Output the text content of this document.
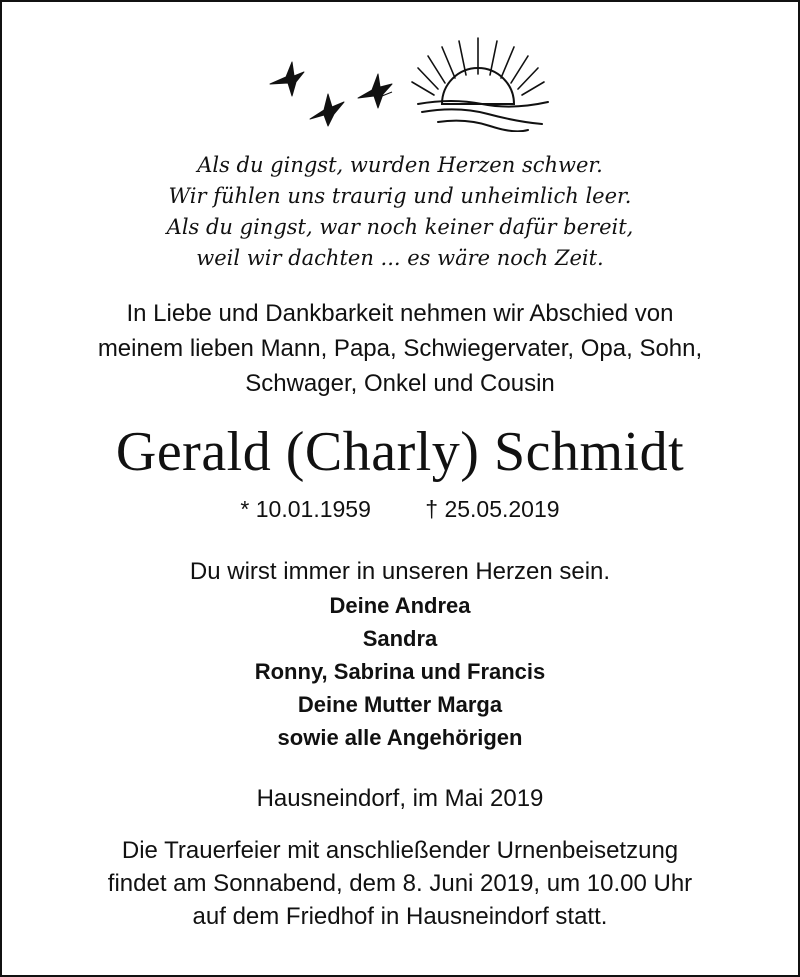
Als du gingst, wurden Herzen schwer.
Wir fühlen uns traurig und unheimlich leer.
Als du gingst, war noch keiner dafür bereit,
weil wir dachten ... es wäre noch Zeit.
In Liebe und Dankbarkeit nehmen wir Abschied von
meinem lieben Mann, Papa, Schwiegervater, Opa, Sohn,
Schwager, Onkel und Cousin
Gerald (Charly) Schmidt
* 10.01.1959 † 25.05.2019
Du wirst immer in unseren Herzen sein.
Deine Andrea
Sandra
Ronny, Sabrina und Francis
Deine Mutter Marga
sowie alle Angehörigen
Hausneindorf, im Mai 2019
Die Trauerfeier mit anschließender Urnenbeisetzung
findet am Sonnabend, dem 8. Juni 2019, um 10.00 Uhr
auf dem Friedhof in Hausneindorf statt.
